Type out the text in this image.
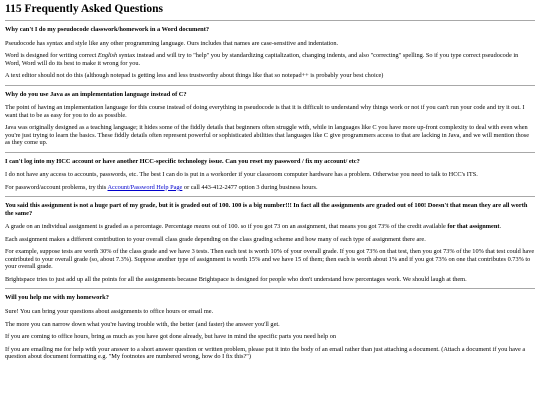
115 Frequently Asked Questions
Why can't I do my pseudocode classwork/homework in a Word document?
Pseudocode has syntax and style like any other programming language. Ours includes that names are case-sensitive and indentation.
Word is designed for writing correct English syntax instead and will try to "help" you by standardizing capitalization, changing indents, and also "correcting" spelling. So if you type correct pseudocode in Word, Word will do its best to make it wrong for you.
A text editor should not do this (although notepad is getting less and less trustworthy about things like that so notepad++ is probably your best choice)
Why do you use Java as an implementation language instead of C?
The point of having an implementation language for this course instead of doing everything in pseudocode is that it is difficult to understand why things work or not if you can't run your code and try it out. I want that to be as easy for you to do as possible.
Java was originally designed as a teaching language; it hides some of the fiddly details that beginners often struggle with, while in languages like C you have more up-front complexity to deal with even when you're just trying to learn the basics. These fiddly details often represent powerful or sophisticated abilities that languages like C give programmers access to that are lacking in Java, and we will mention those as they come up.
I can't log into my HCC account or have another HCC-specific technology issue. Can you reset my password / fix my account/ etc?
I do not have any access to accounts, passwords, etc. The best I can do is put in a workorder if your classroom computer hardware has a problem. Otherwise you need to talk to HCC's ITS.
For password/account problems, try this Account/Password Help Page or call 443-412-2477 option 3 during business hours.
You said this assignment is not a huge part of my grade, but it is graded out of 100. 100 is a big number!!! In fact all the assignments are graded out of 100! Doesn't that mean they are all worth the same?
A grade on an individual assignment is graded as a percentage. Percentage means out of 100. so if you got 73 on an assignment, that means you got 73% of the credit available for that assignment.
Each assignment makes a different contribution to your overall class grade depending on the class grading scheme and how many of each type of assignment there are.
For example, suppose tests are worth 30% of the class grade and we have 3 tests. Then each test is worth 10% of your overall grade. If you got 73% on that test, then you got 73% of the 10% that test could have contributed to your overall grade (so, about 7.3%). Suppose another type of assignment is worth 15% and we have 15 of them; then each is worth about 1% and if you got 73% on one that contributes 0.73% to your overall grade.
Brightspace tries to just add up all the points for all the assignments because Brightspace is designed for people who don't understand how percentages work. We should laugh at them.
Will you help me with my homework?
Sure! You can bring your questions about assignments to office hours or email me.
The more you can narrow down what you're having trouble with, the better (and faster) the answer you'll get.
If you are coming to office hours, bring as much as you have got done already, but have in mind the specific parts you need help on
If you are emailing me for help with your answer to a short answer question or written problem, please put it into the body of an email rather than just attaching a document. (Attach a document if you have a question about document formatting e.g. "My footnotes are numbered wrong, how do I fix this?")
